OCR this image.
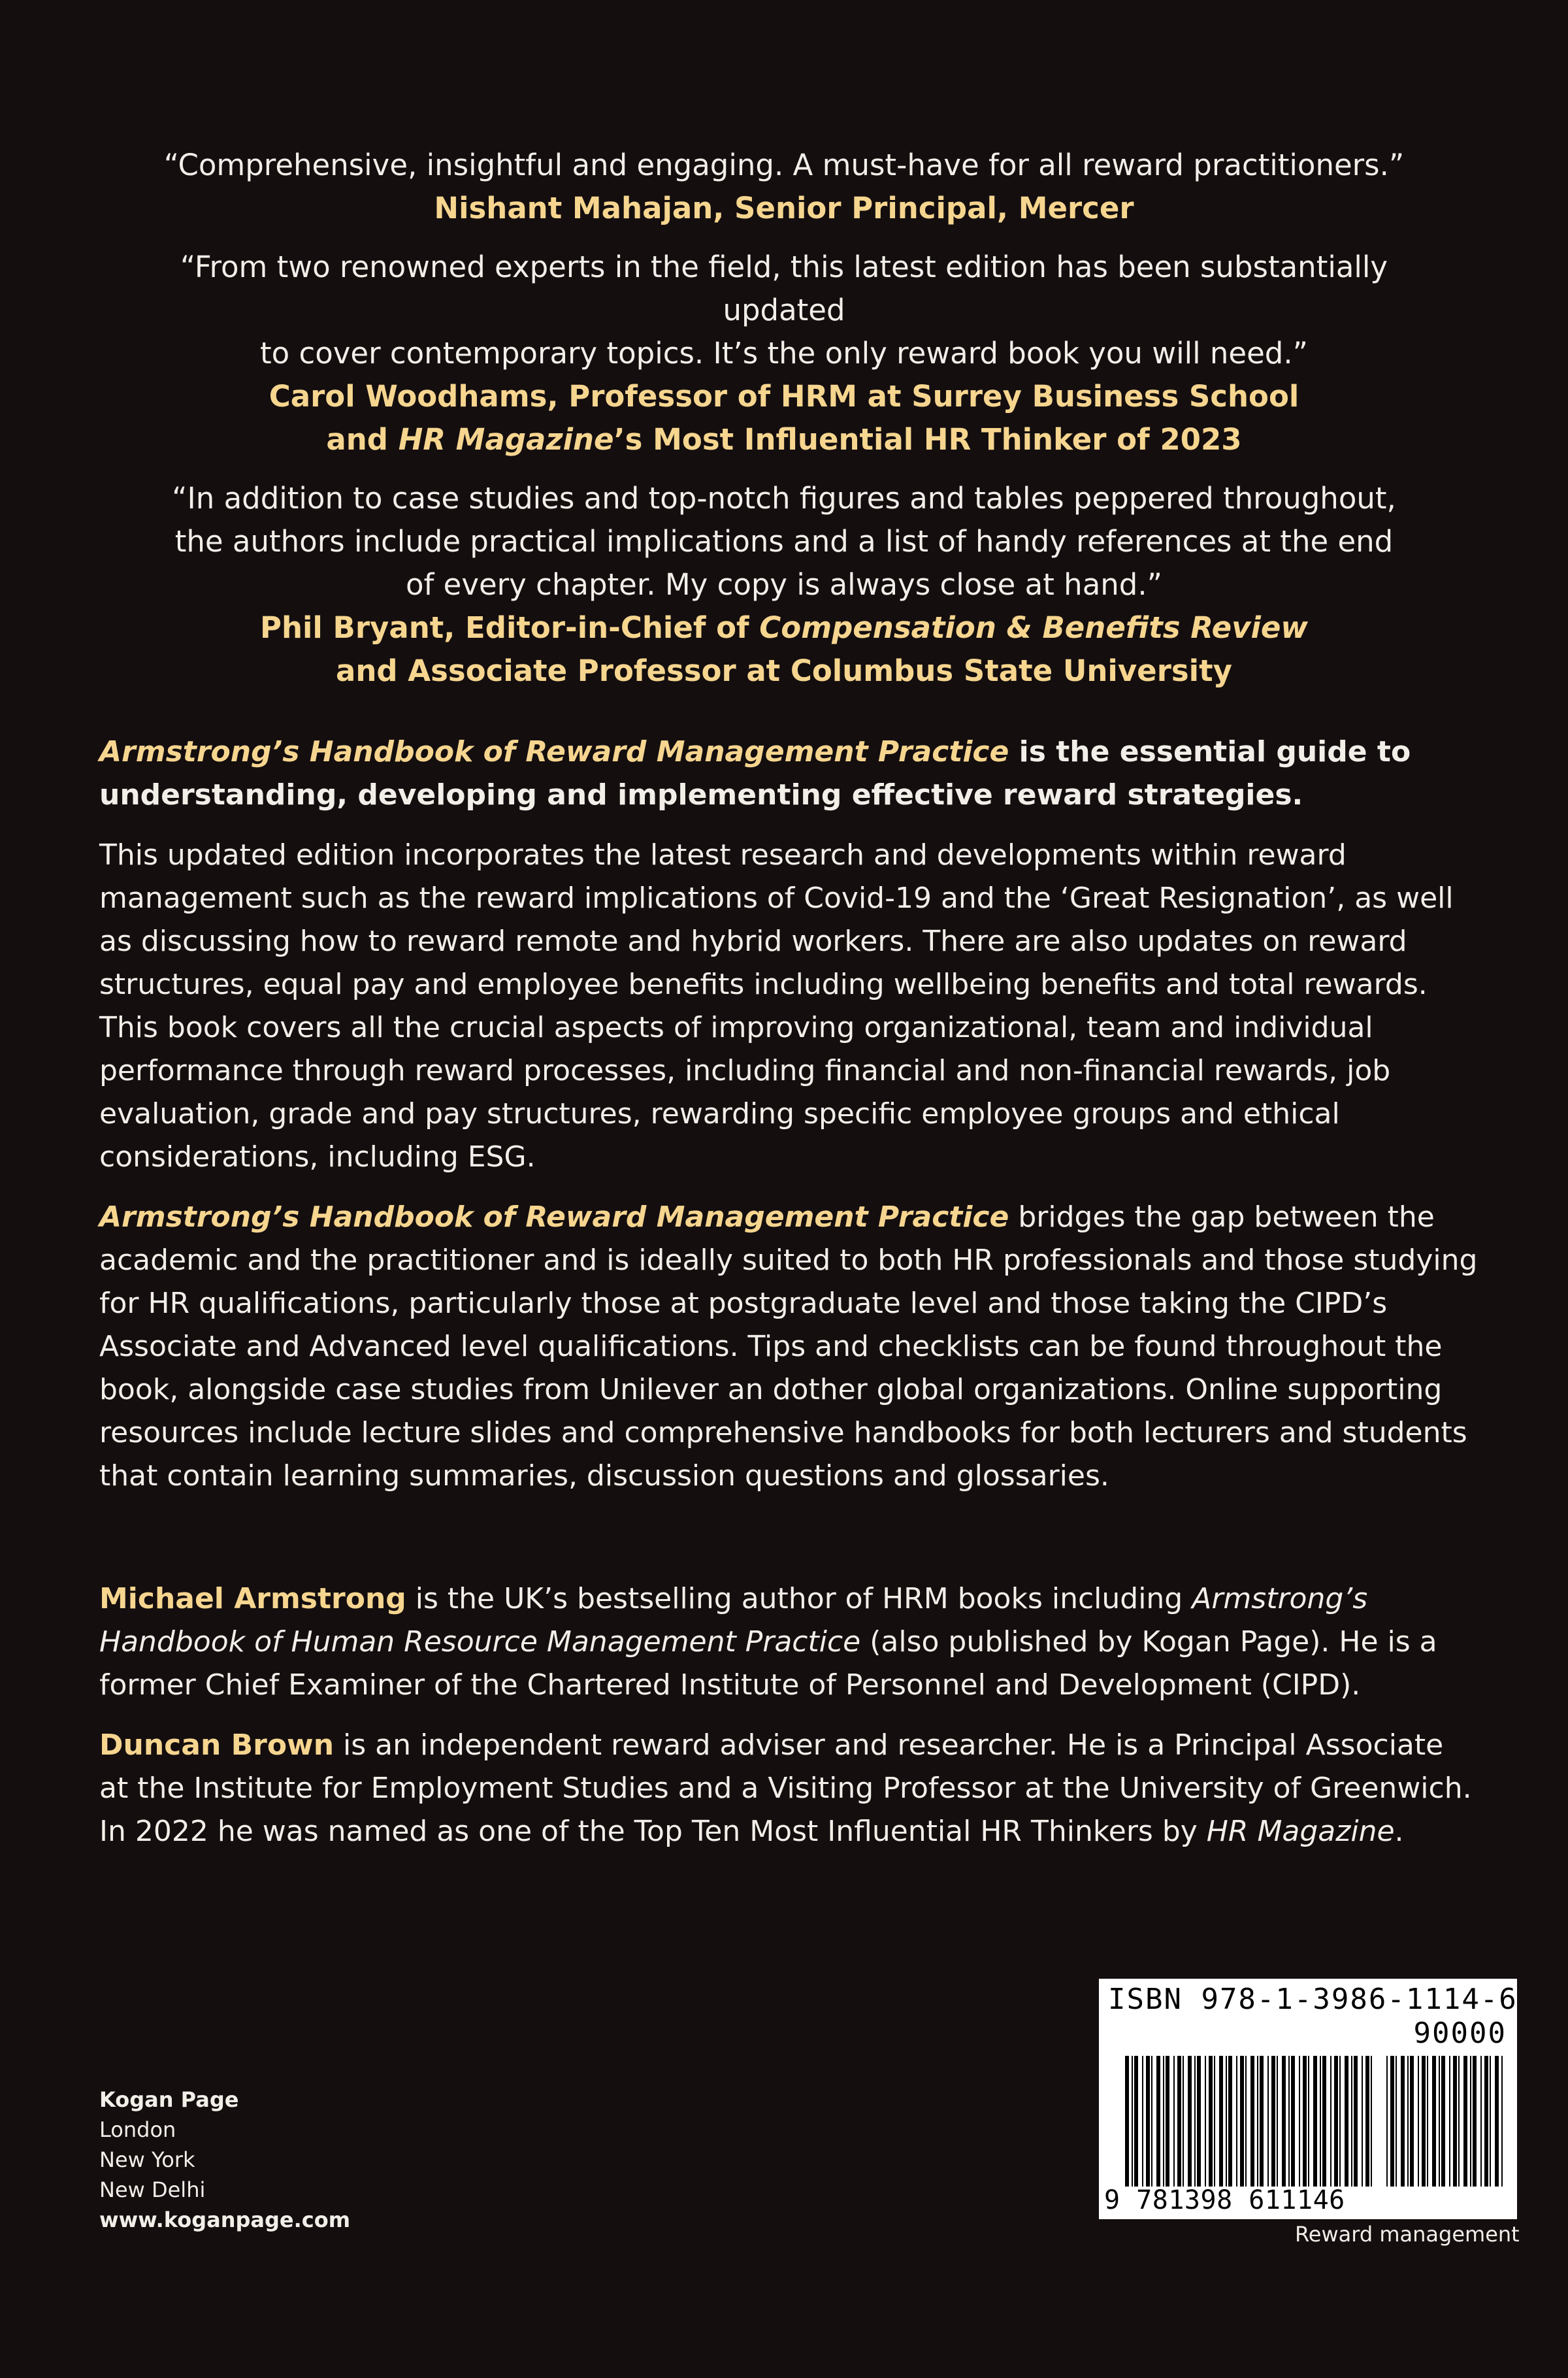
“Comprehensive, insightful and engaging. A must-have for all reward practitioners.”
Nishant Mahajan, Senior Principal, Mercer
“From two renowned experts in the field, this latest edition has been substantially updated
to cover contemporary topics. It’s the only reward book you will need.”
Carol Woodhams, Professor of HRM at Surrey Business School
and HR Magazine’s Most Influential HR Thinker of 2023
“In addition to case studies and top-notch figures and tables peppered throughout,
the authors include practical implications and a list of handy references at the end
of every chapter. My copy is always close at hand.”
Phil Bryant, Editor-in-Chief of Compensation & Benefits Review
and Associate Professor at Columbus State University

Armstrong’s Handbook of Reward Management Practice is the essential guide to understanding, developing and implementing effective reward strategies.

This updated edition incorporates the latest research and developments within reward management such as the reward implications of Covid-19 and the ‘Great Resignation’, as well as discussing how to reward remote and hybrid workers. There are also updates on reward structures, equal pay and employee benefits including wellbeing benefits and total rewards. This book covers all the crucial aspects of improving organizational, team and individual performance through reward processes, including financial and non-financial rewards, job evaluation, grade and pay structures, rewarding specific employee groups and ethical considerations, including ESG.

Armstrong’s Handbook of Reward Management Practice bridges the gap between the academic and the practitioner and is ideally suited to both HR professionals and those studying for HR qualifications, particularly those at postgraduate level and those taking the CIPD’s Associate and Advanced level qualifications. Tips and checklists can be found throughout the book, alongside case studies from Unilever an dother global organizations. Online supporting resources include lecture slides and comprehensive handbooks for both lecturers and students that contain learning summaries, discussion questions and glossaries.

Michael Armstrong is the UK’s bestselling author of HRM books including Armstrong’s Handbook of Human Resource Management Practice (also published by Kogan Page). He is a former Chief Examiner of the Chartered Institute of Personnel and Development (CIPD).

Duncan Brown is an independent reward adviser and researcher. He is a Principal Associate at the Institute for Employment Studies and a Visiting Professor at the University of Greenwich. In 2022 he was named as one of the Top Ten Most Influential HR Thinkers by HR Magazine.

Kogan Page
London
New York
New Delhi
www.koganpage.com
ISBN 978-1-3986-1114-6
90000
9 781398 611146
Reward management
